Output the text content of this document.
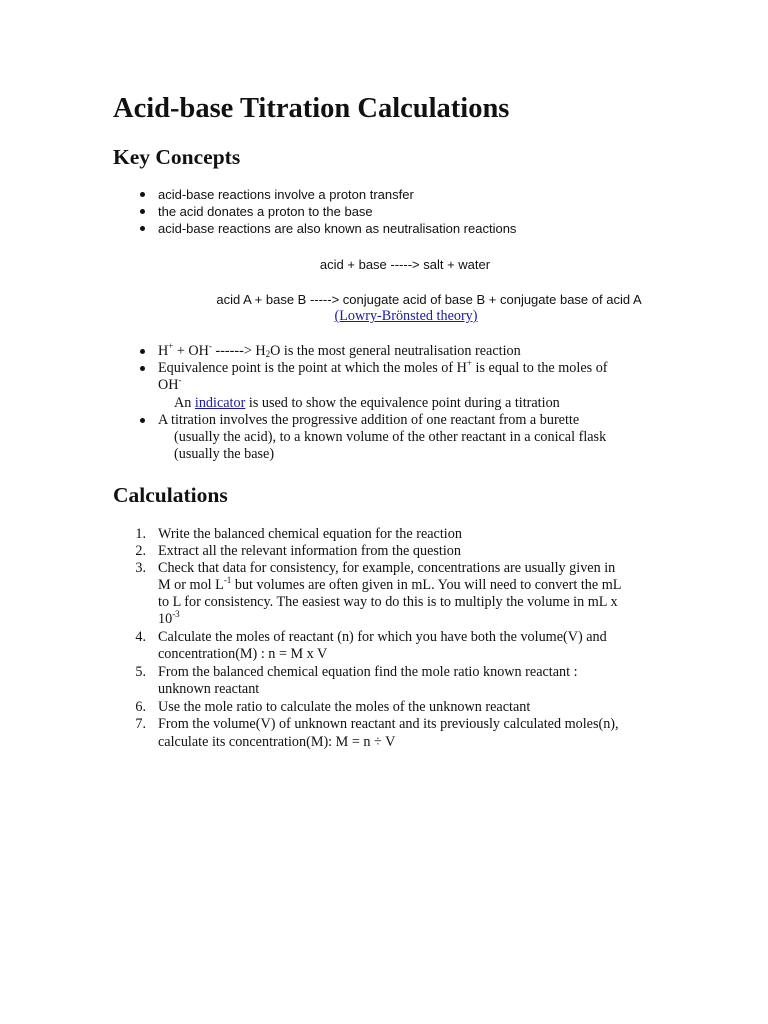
Acid-base Titration Calculations
Key Concepts
acid-base reactions involve a proton transfer
the acid donates a proton to the base
acid-base reactions are also known as neutralisation reactions
acid + base -----> salt + water
acid A + base B -----> conjugate acid of base B + conjugate base of acid A
(Lowry-Brönsted theory)
H+ + OH- ------> $H_2O$ is the most general neutralisation reaction
Equivalence point is the point at which the moles of H+ is equal to the moles of
OH-
An indicator is used to show the equivalence point during a titration
A titration involves the progressive addition of one reactant from a burette
(usually the acid), to a known volume of the other reactant in a conical flask
(usually the base)
Calculations
1. Write the balanced chemical equation for the reaction
2. Extract all the relevant information from the question
3. Check that data for consistency, for example, concentrations are usually given in
M or mol $L^{-1}$ but volumes are often given in mL. You will need to convert the mL
to L for consistency. The easiest way to do this is to multiply the volume in mL x
$10^{-3}$
4. Calculate the moles of reactant (n) for which you have both the volume(V) and
concentration(M) : n = M x V
5. From the balanced chemical equation find the mole ratio known reactant :
unknown reactant
6. Use the mole ratio to calculate the moles of the unknown reactant
7. From the volume(V) of unknown reactant and its previously calculated moles(n),
calculate its concentration(M): M = n ÷ V
